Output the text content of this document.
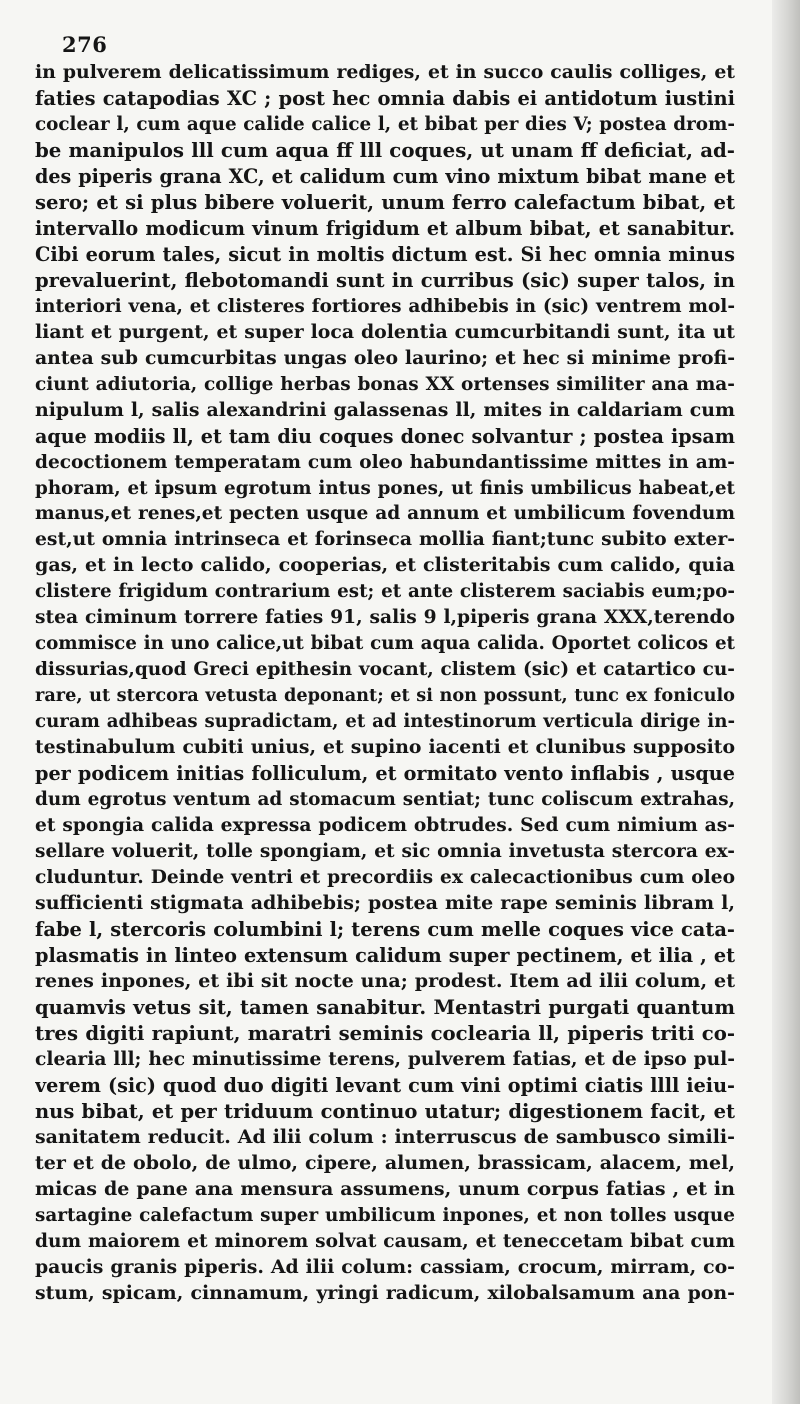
276
in pulverem delicatissimum rediges, et in succo caulis colliges, et
faties catapodias XC ; post hec omnia dabis ei antidotum iustini
coclear l, cum aque calide calice l, et bibat per dies V; postea drom-
be manipulos lll cum aqua ff lll coques, ut unam ff deficiat, ad-
des piperis grana XC, et calidum cum vino mixtum bibat mane et
sero; et si plus bibere voluerit, unum ferro calefactum bibat, et
intervallo modicum vinum frigidum et album bibat, et sanabitur.
Cibi eorum tales, sicut in moltis dictum est. Si hec omnia minus
prevaluerint, flebotomandi sunt in curribus (sic) super talos, in
interiori vena, et clisteres fortiores adhibebis in (sic) ventrem mol-
liant et purgent, et super loca dolentia cumcurbitandi sunt, ita ut
antea sub cumcurbitas ungas oleo laurino; et hec si minime profi-
ciunt adiutoria, collige herbas bonas XX ortenses similiter ana ma-
nipulum l, salis alexandrini galassenas ll, mites in caldariam cum
aque modiis ll, et tam diu coques donec solvantur ; postea ipsam
decoctionem temperatam cum oleo habundantissime mittes in am-
phoram, et ipsum egrotum intus pones, ut finis umbilicus habeat,et
manus,et renes,et pecten usque ad annum et umbilicum fovendum
est,ut omnia intrinseca et forinseca mollia fiant;tunc subito exter-
gas, et in lecto calido, cooperias, et clisteritabis cum calido, quia
clistere frigidum contrarium est; et ante clisterem saciabis eum;po-
stea ciminum torrere faties 91, salis 9 l,piperis grana XXX,terendo
commisce in uno calice,ut bibat cum aqua calida. Oportet colicos et
dissurias,quod Greci epithesin vocant, clistem (sic) et catartico cu-
rare, ut stercora vetusta deponant; et si non possunt, tunc ex foniculo
curam adhibeas supradictam, et ad intestinorum verticula dirige in-
testinabulum cubiti unius, et supino iacenti et clunibus supposito
per podicem initias folliculum, et ormitato vento inflabis , usque
dum egrotus ventum ad stomacum sentiat; tunc coliscum extrahas,
et spongia calida expressa podicem obtrudes. Sed cum nimium as-
sellare voluerit, tolle spongiam, et sic omnia invetusta stercora ex-
cluduntur. Deinde ventri et precordiis ex calecactionibus cum oleo
sufficienti stigmata adhibebis; postea mite rape seminis libram l,
fabe l, stercoris columbini l; terens cum melle coques vice cata-
plasmatis in linteo extensum calidum super pectinem, et ilia , et
renes inpones, et ibi sit nocte una; prodest. Item ad ilii colum, et
quamvis vetus sit, tamen sanabitur. Mentastri purgati quantum
tres digiti rapiunt, maratri seminis coclearia ll, piperis triti co-
clearia lll; hec minutissime terens, pulverem fatias, et de ipso pul-
verem (sic) quod duo digiti levant cum vini optimi ciatis llll ieiu-
nus bibat, et per triduum continuo utatur; digestionem facit, et
sanitatem reducit. Ad ilii colum : interruscus de sambusco simili-
ter et de obolo, de ulmo, cipere, alumen, brassicam, alacem, mel,
micas de pane ana mensura assumens, unum corpus fatias , et in
sartagine calefactum super umbilicum inpones, et non tolles usque
dum maiorem et minorem solvat causam, et teneccetam bibat cum
paucis granis piperis. Ad ilii colum: cassiam, crocum, mirram, co-
stum, spicam, cinnamum, yringi radicum, xilobalsamum ana pon-
